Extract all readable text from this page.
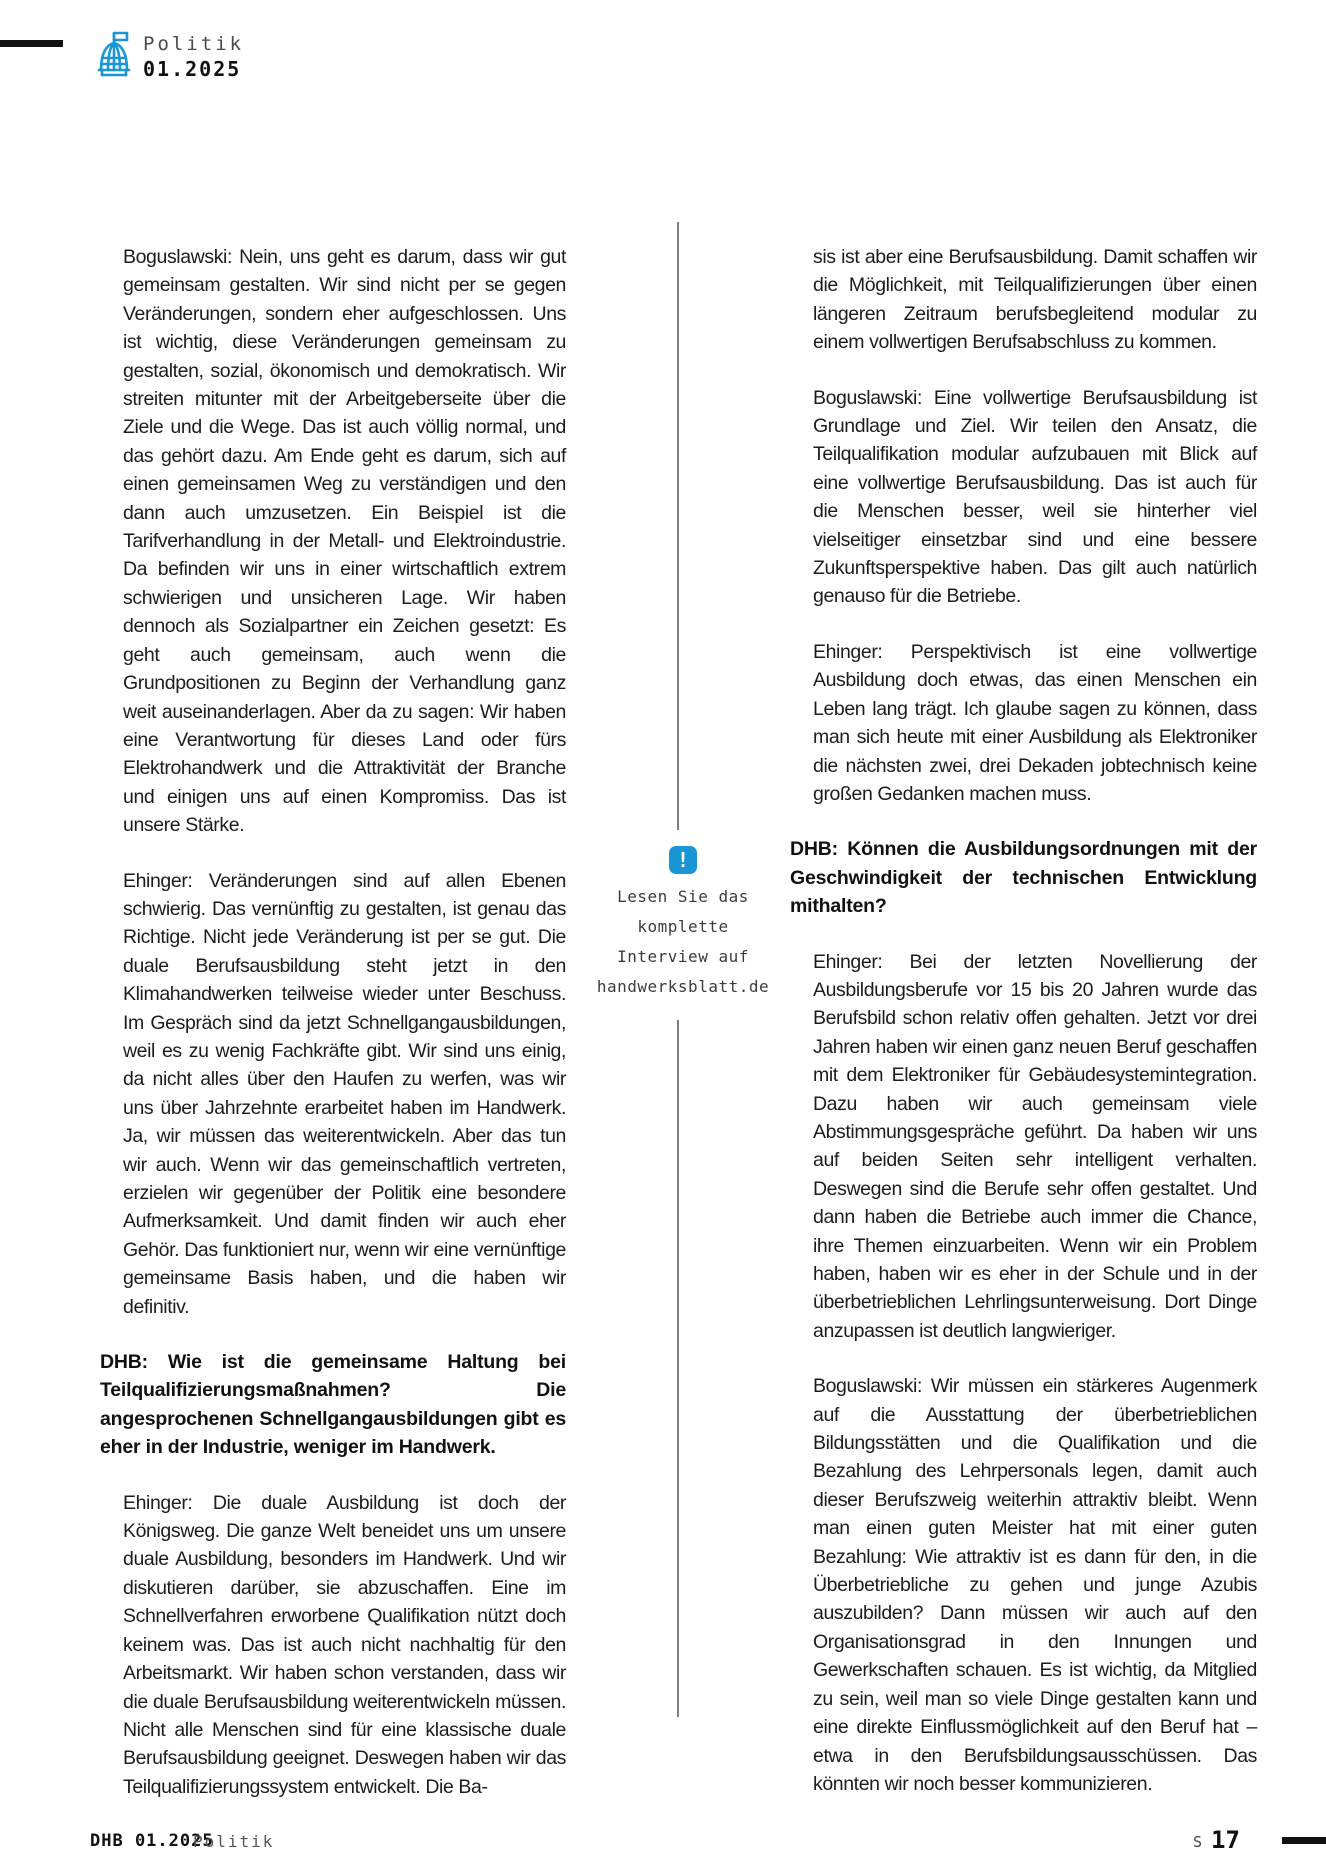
Politik
01.2025

Boguslawski: Nein, uns geht es darum, dass wir gut gemeinsam gestalten. Wir sind nicht per se gegen Veränderungen, sondern eher aufgeschlossen. Uns ist wichtig, diese Veränderungen gemeinsam zu gestalten, sozial, ökonomisch und demokratisch. Wir streiten mitunter mit der Arbeitgeberseite über die Ziele und die Wege. Das ist auch völlig normal, und das gehört dazu. Am Ende geht es darum, sich auf einen gemeinsamen Weg zu verständigen und den dann auch umzusetzen. Ein Beispiel ist die Tarifverhandlung in der Metall- und Elektroindustrie. Da befinden wir uns in einer wirtschaftlich extrem schwierigen und unsicheren Lage. Wir haben dennoch als Sozialpartner ein Zeichen gesetzt: Es geht auch gemeinsam, auch wenn die Grundpositionen zu Beginn der Verhandlung ganz weit auseinanderlagen. Aber da zu sagen: Wir haben eine Verantwortung für dieses Land oder fürs Elektrohandwerk und die Attraktivität der Branche und einigen uns auf einen Kompromiss. Das ist unsere Stärke.

Ehinger: Veränderungen sind auf allen Ebenen schwierig. Das vernünftig zu gestalten, ist genau das Richtige. Nicht jede Veränderung ist per se gut. Die duale Berufsausbildung steht jetzt in den Klimahandwerken teilweise wieder unter Beschuss. Im Gespräch sind da jetzt Schnellgangausbildungen, weil es zu wenig Fachkräfte gibt. Wir sind uns einig, da nicht alles über den Haufen zu werfen, was wir uns über Jahrzehnte erarbeitet haben im Handwerk. Ja, wir müssen das weiterentwickeln. Aber das tun wir auch. Wenn wir das gemeinschaftlich vertreten, erzielen wir gegenüber der Politik eine besondere Aufmerksamkeit. Und damit finden wir auch eher Gehör. Das funktioniert nur, wenn wir eine vernünftige gemeinsame Basis haben, und die haben wir definitiv.

DHB: Wie ist die gemeinsame Haltung bei Teilqualifizierungsmaßnahmen? Die angesprochenen Schnellgangausbildungen gibt es eher in der Industrie, weniger im Handwerk.

Ehinger: Die duale Ausbildung ist doch der Königsweg. Die ganze Welt beneidet uns um unsere duale Ausbildung, besonders im Handwerk. Und wir diskutieren darüber, sie abzuschaffen. Eine im Schnellverfahren erworbene Qualifikation nützt doch keinem was. Das ist auch nicht nachhaltig für den Arbeitsmarkt. Wir haben schon verstanden, dass wir die duale Berufsausbildung weiterentwickeln müssen. Nicht alle Menschen sind für eine klassische duale Berufsausbildung geeignet. Deswegen haben wir das Teilqualifizierungssystem entwickelt. Die Ba-

sis ist aber eine Berufsausbildung. Damit schaffen wir die Möglichkeit, mit Teilqualifizierungen über einen längeren Zeitraum berufsbegleitend modular zu einem vollwertigen Berufsabschluss zu kommen.

Boguslawski: Eine vollwertige Berufsausbildung ist Grundlage und Ziel. Wir teilen den Ansatz, die Teilqualifikation modular aufzubauen mit Blick auf eine vollwertige Berufsausbildung. Das ist auch für die Menschen besser, weil sie hinterher viel vielseitiger einsetzbar sind und eine bessere Zukunftsperspektive haben. Das gilt auch natürlich genauso für die Betriebe.

Ehinger: Perspektivisch ist eine vollwertige Ausbildung doch etwas, das einen Menschen ein Leben lang trägt. Ich glaube sagen zu können, dass man sich heute mit einer Ausbildung als Elektroniker die nächsten zwei, drei Dekaden jobtechnisch keine großen Gedanken machen muss.

DHB: Können die Ausbildungsordnungen mit der Geschwindigkeit der technischen Entwicklung mithalten?

Ehinger: Bei der letzten Novellierung der Ausbildungsberufe vor 15 bis 20 Jahren wurde das Berufsbild schon relativ offen gehalten. Jetzt vor drei Jahren haben wir einen ganz neuen Beruf geschaffen mit dem Elektroniker für Gebäudesystemintegration. Dazu haben wir auch gemeinsam viele Abstimmungsgespräche geführt. Da haben wir uns auf beiden Seiten sehr intelligent verhalten. Deswegen sind die Berufe sehr offen gestaltet. Und dann haben die Betriebe auch immer die Chance, ihre Themen einzuarbeiten. Wenn wir ein Problem haben, haben wir es eher in der Schule und in der überbetrieblichen Lehrlingsunterweisung. Dort Dinge anzupassen ist deutlich langwieriger.

Boguslawski: Wir müssen ein stärkeres Augenmerk auf die Ausstattung der überbetrieblichen Bildungsstätten und die Qualifikation und die Bezahlung des Lehrpersonals legen, damit auch dieser Berufszweig weiterhin attraktiv bleibt. Wenn man einen guten Meister hat mit einer guten Bezahlung: Wie attraktiv ist es dann für den, in die Überbetriebliche zu gehen und junge Azubis auszubilden? Dann müssen wir auch auf den Organisationsgrad in den Innungen und Gewerkschaften schauen. Es ist wichtig, da Mitglied zu sein, weil man so viele Dinge gestalten kann und eine direkte Einflussmöglichkeit auf den Beruf hat – etwa in den Berufsbildungsausschüssen. Das könnten wir noch besser kommunizieren.

!
Lesen Sie das
komplette
Interview auf
handwerksblatt.de
DHB 01.2025
Politik	S 17
